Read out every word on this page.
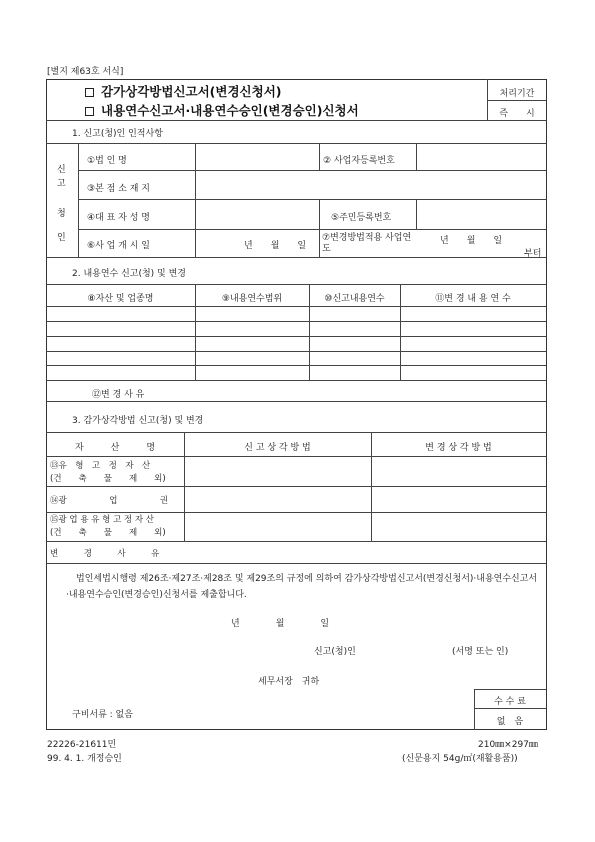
[별지 제63호 서식]
감가상각방법신고서(변경신청서)
내용연수신고서·내용연수승인(변경승인)신청서
처리기간
즉　　시
1. 신고(청)인 인적사항
신
고
청
인
①법 인 명	② 사업자등록번호
③본 점 소 재 지
④대 표 자 성 명	⑤주민등록번호
⑥사 업 개 시 일	년　　월　　일
⑦변경방법적용 사업연도
년　　월　　일
부터
2. 내용연수 신고(청) 및 변경
⑧자산 및 업종명	⑨내용연수범위	⑩신고내용연수	⑪변 경 내 용 연 수
⑫변 경 사 유
3. 감가상각방법 신고(청) 및 변경
자　　　산　　　명	신 고 상 각 방 법	변 경 상 각 방 법
⑬유　형　고　정　자　산
(건　　축　　물　　제　　외)
⑭광　　　　　업　　　　　권
⑮광 업 용 유 형 고 정 자 산
(건　　축　　물　　제　　외)
변　　　경　　　사　　　유
법인세법시행령 제26조·제27조·제28조 및 제29조의 규정에 의하여 감가상각방법신고서(변경신청서)·내용연수신고서·내용연수승인(변경승인)신청서를 제출합니다.
년　　　　월　　　　일
신고(청)인	(서명 또는 인)
세무서장　귀하
구비서류 : 없음
수 수 료
없　음
22226-21611민
99. 4. 1. 개정승인
210㎜×297㎜
(신문용지 54g/㎡(재활용품))
